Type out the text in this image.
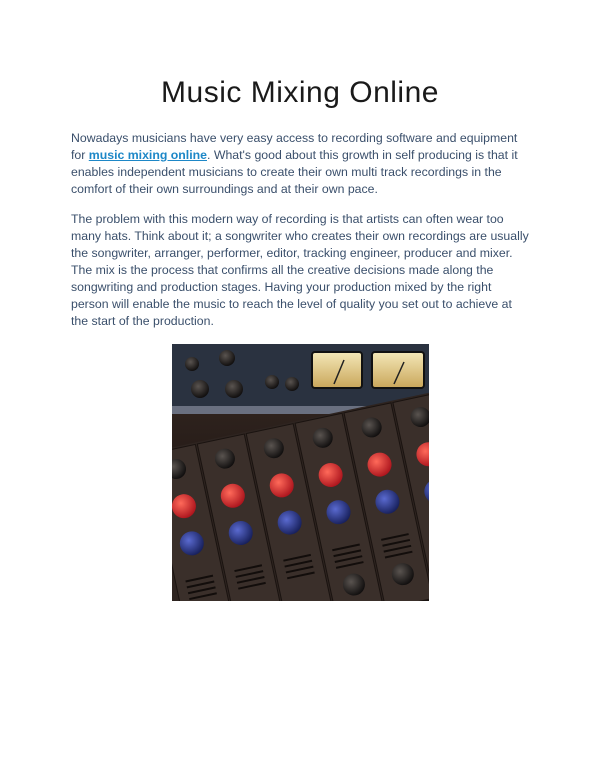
Music Mixing Online

Nowadays musicians have very easy access to recording software and equipment for music mixing online. What's good about this growth in self producing is that it enables independent musicians to create their own multi track recordings in the comfort of their own surroundings and at their own pace.

The problem with this modern way of recording is that artists can often wear too many hats. Think about it; a songwriter who creates their own recordings are usually the songwriter, arranger, performer, editor, tracking engineer, producer and mixer. The mix is the process that confirms all the creative decisions made along the songwriting and production stages. Having your production mixed by the right person will enable the music to reach the level of quality you set out to achieve at the start of the production.
